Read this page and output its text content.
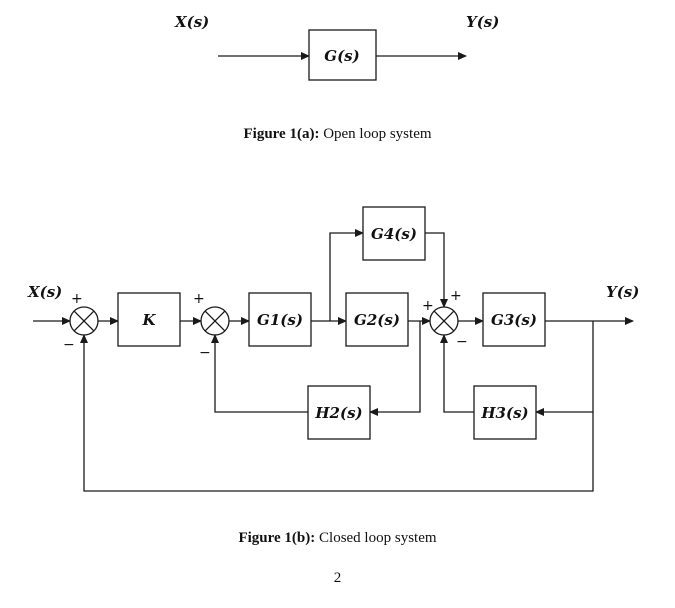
X(s)	Y(s)
G(s)
X(s) +
−
K
+
−
G1(s)
G4(s)
G2(s)
H2(s)
+
+
−
G3(s)
Y(s)
H3(s)
Figure 1(a): Open loop system
Figure 1(b): Closed loop system
2
